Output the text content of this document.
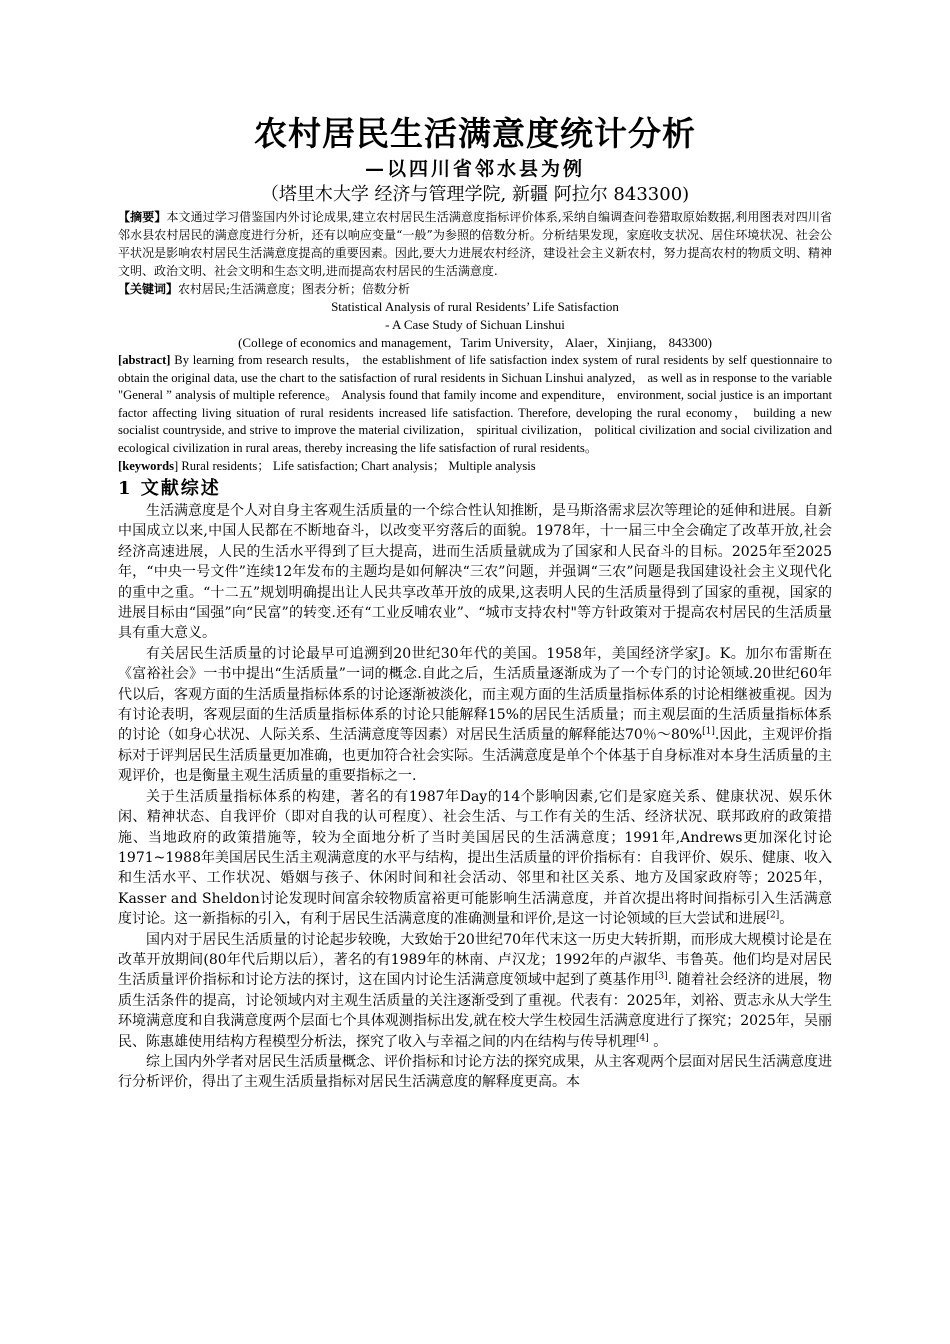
农村居民生活满意度统计分析

—以四川省邻水县为例

（塔里木大学 经济与管理学院, 新疆 阿拉尔 843300)

【摘要】本文通过学习借鉴国内外讨论成果,建立农村居民生活满意度指标评价体系,采纳自编调查问卷猎取原始数据,利用图表对四川省邻水县农村居民的满意度进行分析，还有以响应变量“一般”为参照的倍数分析。分析结果发现，家庭收支状况、居住环境状况、社会公平状况是影响农村居民生活满意度提高的重要因素。因此,要大力进展农村经济，建设社会主义新农村，努力提高农村的物质文明、精神文明、政治文明、社会文明和生态文明,进而提高农村居民的生活满意度.

【关键词】农村居民;生活满意度；图表分析；倍数分析

Statistical Analysis of rural Residents’ Life Satisfaction

- A Case Study of Sichuan Linshui

(College of economics and management，Tarim University， Alaer，Xinjiang， 843300)

[abstract] By learning from research results， the establishment of life satisfaction index system of rural residents by self questionnaire to obtain the original data, use the chart to the satisfaction of rural residents in Sichuan Linshui analyzed， as well as in response to the variable "General ” analysis of multiple reference。 Analysis found that family income and expenditure， environment, social justice is an important factor affecting living situation of rural residents increased life satisfaction. Therefore, developing the rural economy， building a new socialist countryside, and strive to improve the material civilization， spiritual civilization， political civilization and social civilization and ecological civilization in rural areas, thereby increasing the life satisfaction of rural residents。

[keywords] Rural residents； Life satisfaction; Chart analysis； Multiple analysis

1 文献综述

生活满意度是个人对自身主客观生活质量的一个综合性认知推断，是马斯洛需求层次等理论的延伸和进展。自新中国成立以来,中国人民都在不断地奋斗，以改变平穷落后的面貌。1978年，十一届三中全会确定了改革开放,社会经济高速进展，人民的生活水平得到了巨大提高，进而生活质量就成为了国家和人民奋斗的目标。2025年至2025年，“中央一号文件”连续12年发布的主题均是如何解决“三农”问题，并强调“三农”问题是我国建设社会主义现代化的重中之重。“十二五”规划明确提出让人民共享改革开放的成果,这表明人民的生活质量得到了国家的重视，国家的进展目标由“国强”向“民富”的转变.还有“工业反哺农业”、“城市支持农村"等方针政策对于提高农村居民的生活质量具有重大意义。

有关居民生活质量的讨论最早可追溯到20世纪30年代的美国。1958年，美国经济学家J。K。加尔布雷斯在《富裕社会》一书中提出“生活质量”一词的概念.自此之后，生活质量逐渐成为了一个专门的讨论领域.20世纪60年代以后，客观方面的生活质量指标体系的讨论逐渐被淡化，而主观方面的生活质量指标体系的讨论相继被重视。因为有讨论表明，客观层面的生活质量指标体系的讨论只能解释15%的居民生活质量；而主观层面的生活质量指标体系的讨论（如身心状况、人际关系、生活满意度等因素）对居民生活质量的解释能达70％～80%[1].因此，主观评价指标对于评判居民生活质量更加准确，也更加符合社会实际。生活满意度是单个个体基于自身标准对本身生活质量的主观评价，也是衡量主观生活质量的重要指标之一.

关于生活质量指标体系的构建，著名的有1987年Day的14个影响因素,它们是家庭关系、健康状况、娱乐休闲、精神状态、自我评价（即对自我的认可程度）、社会生活、与工作有关的生活、经济状况、联邦政府的政策措施、当地政府的政策措施等，较为全面地分析了当时美国居民的生活满意度；1991年,Andrews更加深化讨论1971~1988年美国居民生活主观满意度的水平与结构，提出生活质量的评价指标有：自我评价、娱乐、健康、收入和生活水平、工作状况、婚姻与孩子、休闲时间和社会活动、邻里和社区关系、地方及国家政府等；2025年，Kasser and Sheldon讨论发现时间富余较物质富裕更可能影响生活满意度，并首次提出将时间指标引入生活满意度讨论。这一新指标的引入，有利于居民生活满意度的准确测量和评价,是这一讨论领域的巨大尝试和进展[2]。

国内对于居民生活质量的讨论起步较晚，大致始于20世纪70年代末这一历史大转折期，而形成大规模讨论是在改革开放期间(80年代后期以后），著名的有1989年的林南、卢汉龙；1992年的卢淑华、韦鲁英。他们均是对居民生活质量评价指标和讨论方法的探讨，这在国内讨论生活满意度领域中起到了奠基作用[3]. 随着社会经济的进展，物质生活条件的提高，讨论领域内对主观生活质量的关注逐渐受到了重视。代表有：2025年，刘裕、贾志永从大学生环境满意度和自我满意度两个层面七个具体观测指标出发,就在校大学生校园生活满意度进行了探究；2025年，吴丽民、陈惠雄使用结构方程模型分析法，探究了收入与幸福之间的内在结构与传导机理[4] 。

综上国内外学者对居民生活质量概念、评价指标和讨论方法的探究成果，从主客观两个层面对居民生活满意度进行分析评价，得出了主观生活质量指标对居民生活满意度的解释度更高。本
